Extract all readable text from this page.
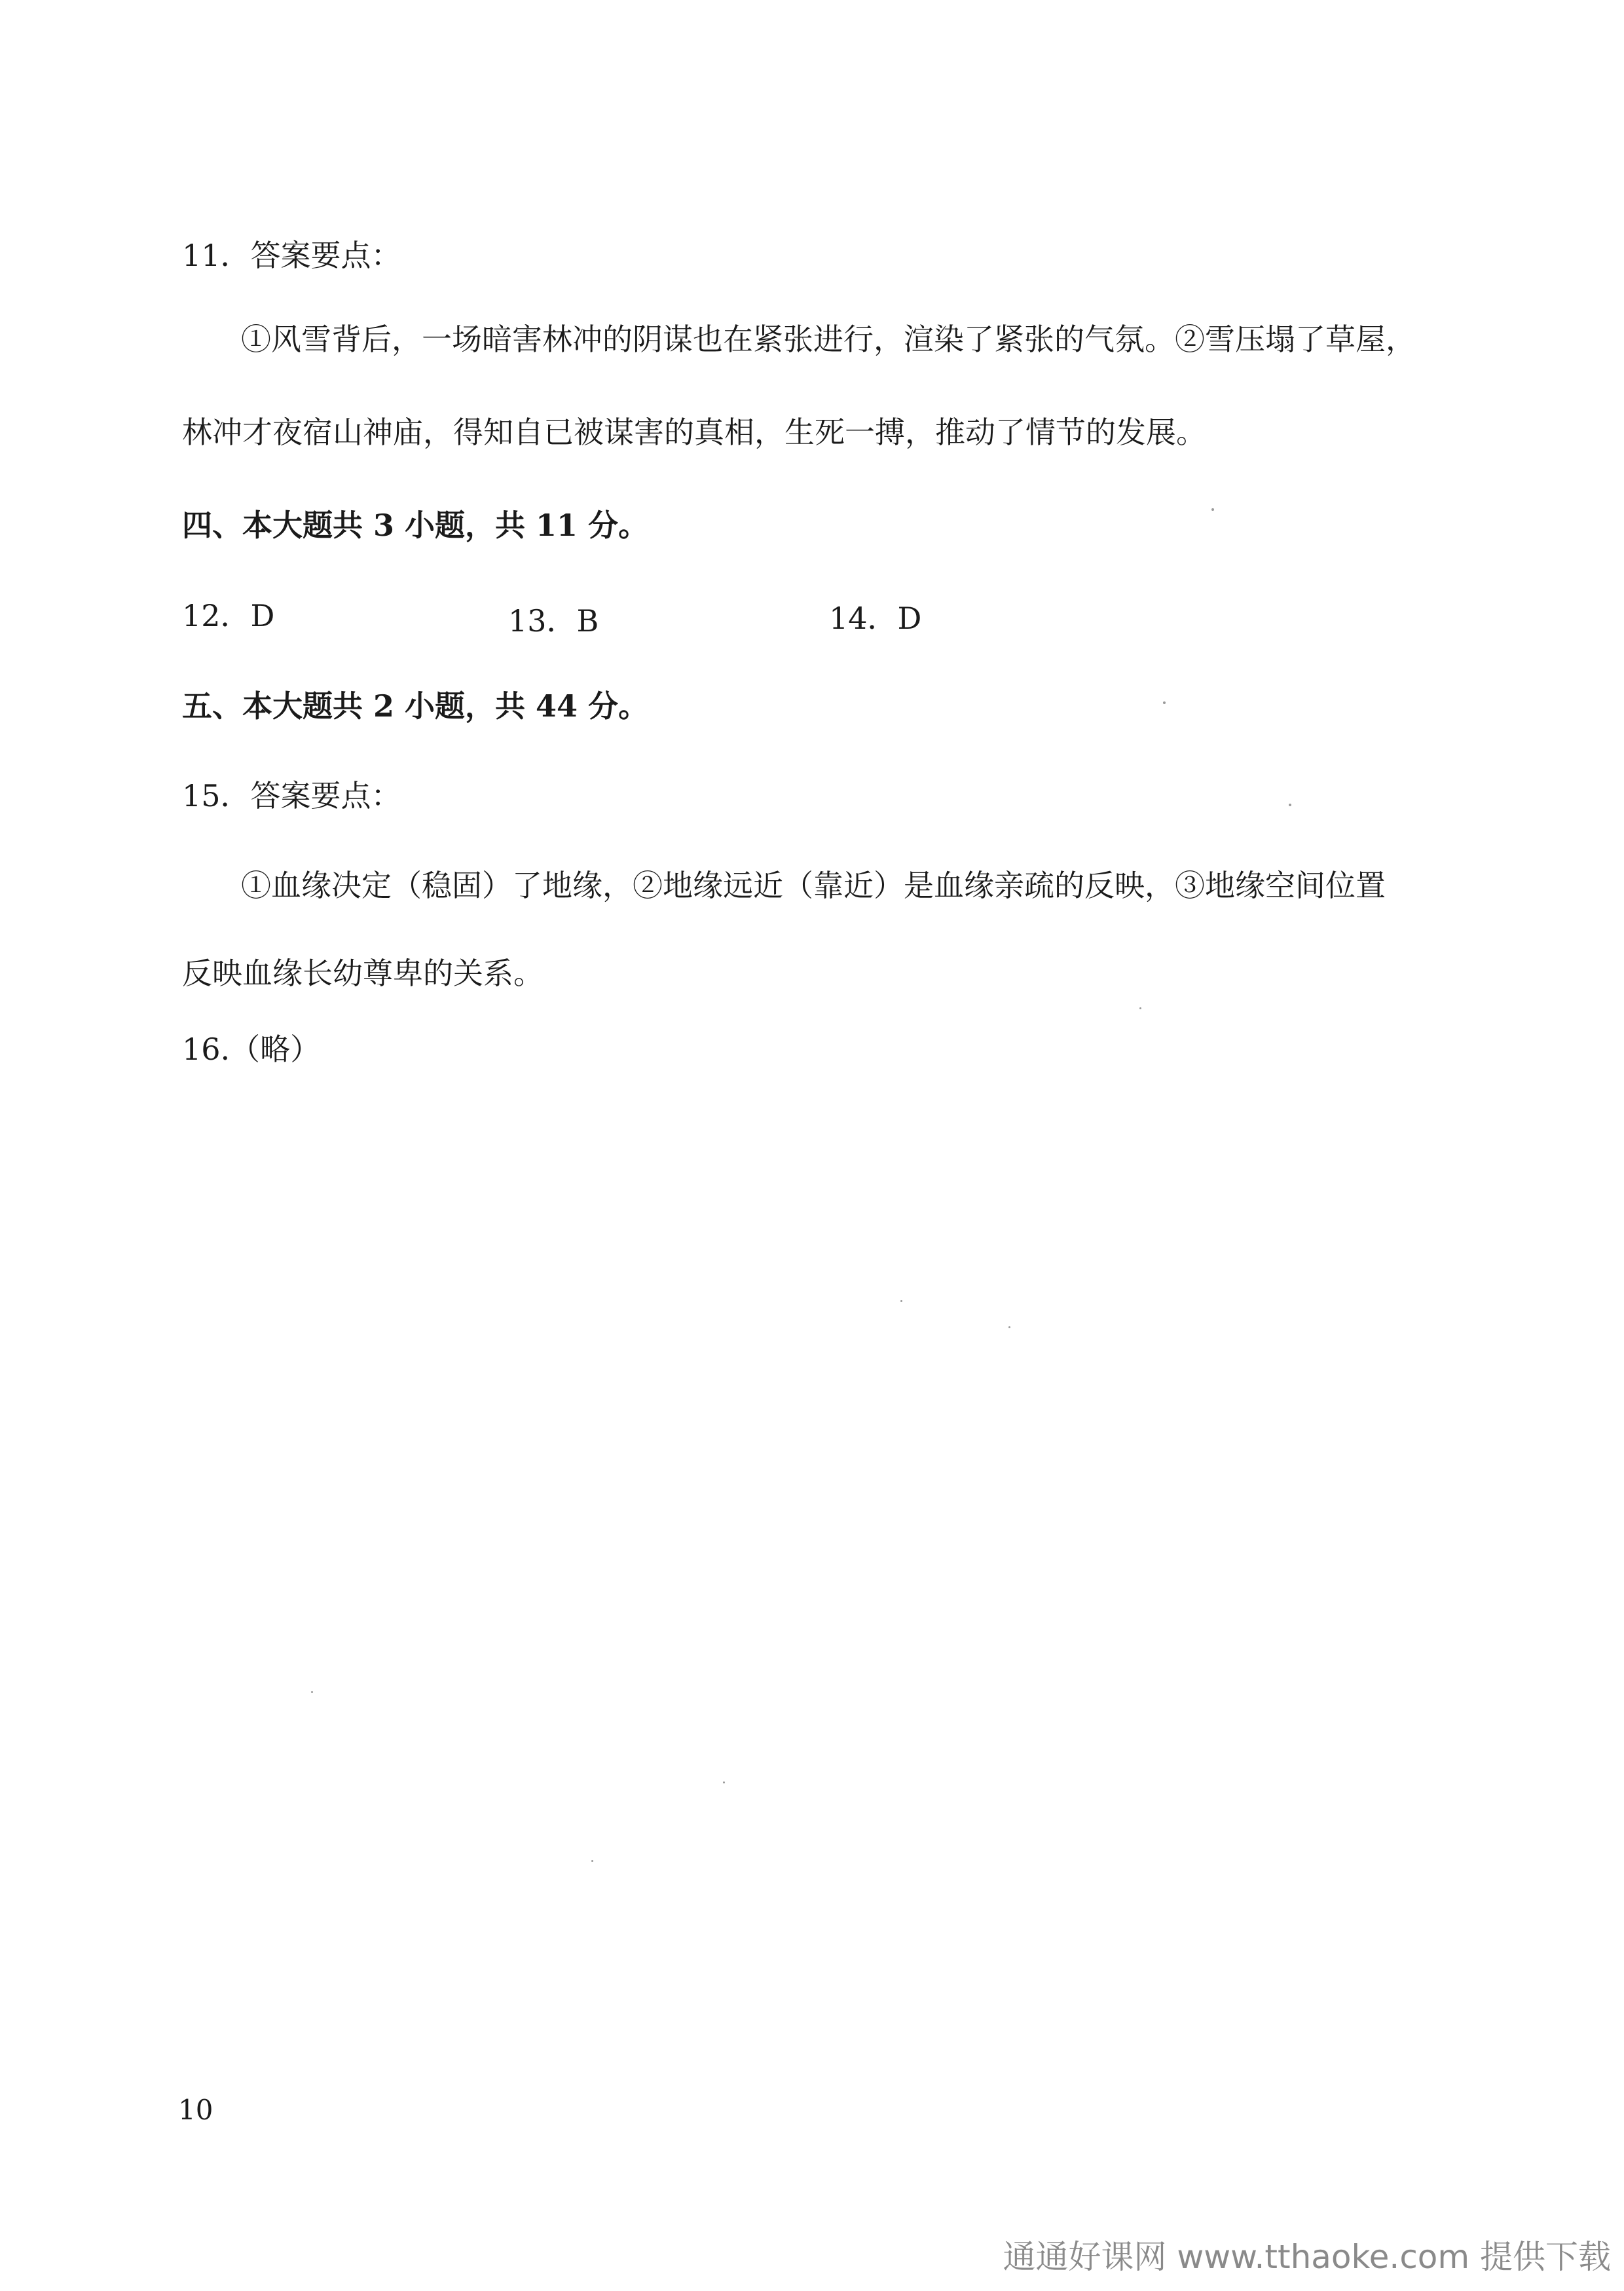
11．答案要点：
①风雪背后，一场暗害林冲的阴谋也在紧张进行，渲染了紧张的气氛。②雪压塌了草屋，
林冲才夜宿山神庙，得知自已被谋害的真相，生死一搏，推动了情节的发展。
四、本大题共 3 小题，共 11 分。
12．D	13．B	14．D
五、本大题共 2 小题，共 44 分。
15．答案要点：
①血缘决定（稳固）了地缘，②地缘远近（靠近）是血缘亲疏的反映，③地缘空间位置
反映血缘长幼尊卑的关系。
16.（略）
10
通通好课网 www.tthaoke.com 提供下载
